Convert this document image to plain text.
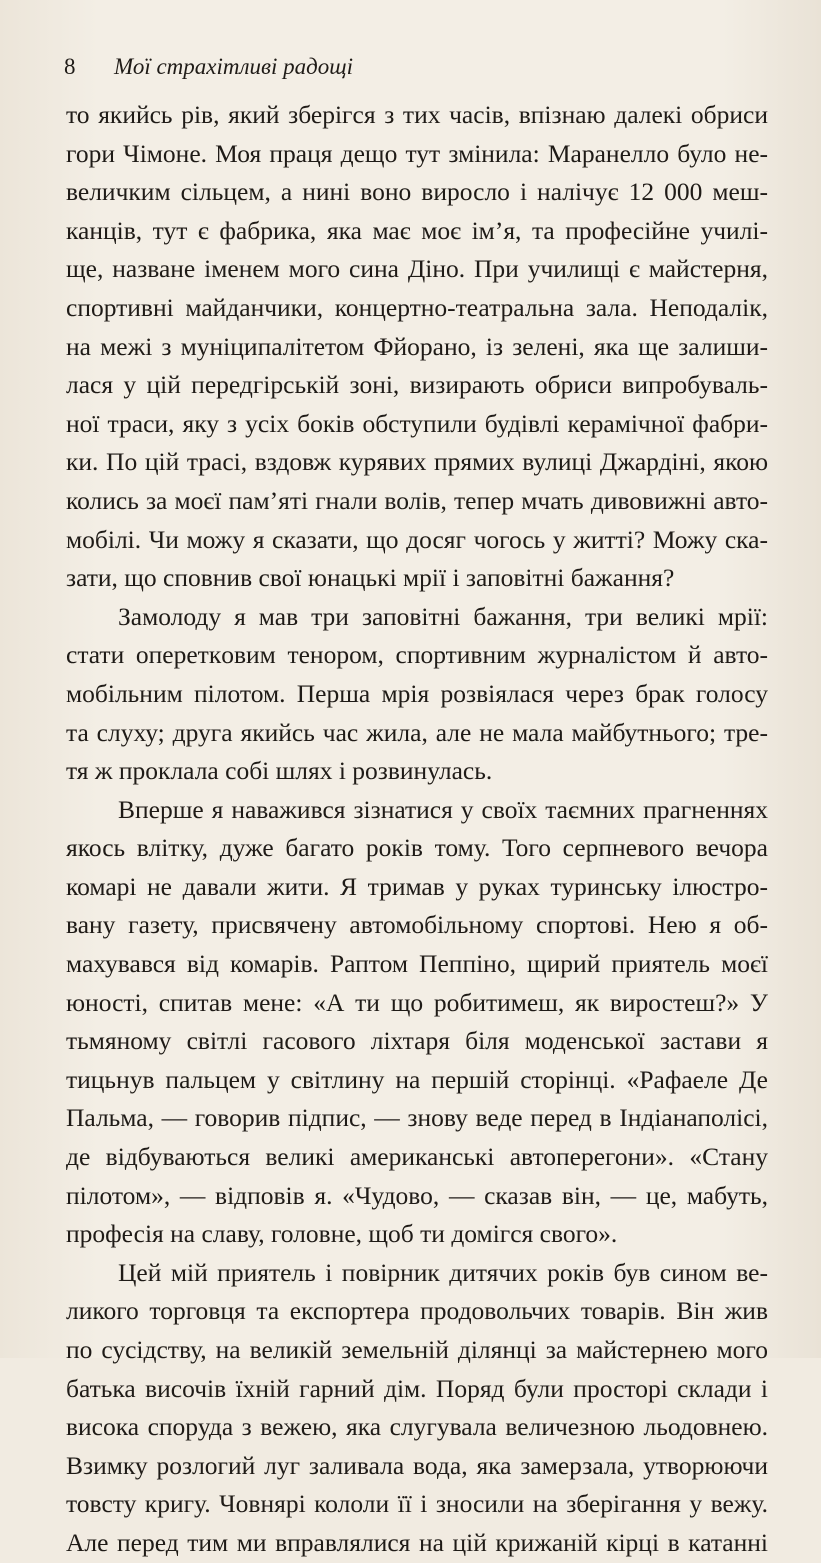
8 Мої страхітливі радощі
то якийсь рів, який зберігся з тих часів, впізнаю далекі обриси
гори Чімоне. Моя праця дещо тут змінила: Маранелло було не-
величким сільцем, а нині воно виросло і налічує 12 000 меш-
канців, тут є фабрика, яка має моє ім’я, та професійне училі-
ще, назване іменем мого сина Діно. При училищі є майстерня,
спортивні майданчики, концертно-театральна зала. Неподалік,
на межі з муніципалітетом Фйорано, із зелені, яка ще залиши-
лася у цій передгірській зоні, визирають обриси випробуваль-
ної траси, яку з усіх боків обступили будівлі керамічної фабри-
ки. По цій трасі, вздовж курявих прямих вулиці Джардіні, якою
колись за моєї пам’яті гнали волів, тепер мчать дивовижні авто-
мобілі. Чи можу я сказати, що досяг чогось у житті? Можу ска-
зати, що сповнив свої юнацькі мрії і заповітні бажання?
Замолоду я мав три заповітні бажання, три великі мрії:
стати опереткoвим тенором, спортивним журналістом й авто-
мобільним пілотом. Перша мрія розвіялася через брак голосу
та слуху; друга якийсь час жила, але не мала майбутнього; тре-
тя ж проклала собі шлях і розвинулась.
Вперше я наважився зізнатися у своїх таємних прагненнях
якось влітку, дуже багато років тому. Того серпневого вечора
комарі не давали жити. Я тримав у руках туринську ілюстро-
вану газету, присвячену автомобільному спортові. Нею я об-
махувався від комарів. Раптом Пеппіно, щирий приятель моєї
юності, спитав мене: «А ти що робитимеш, як виростеш?» У
тьмяному світлі гасового ліхтаря біля моденської застави я
тицьнув пальцем у світлину на першій сторінці. «Рафаеле Де
Пальма, — говорив підпис, — знову веде перед в Індіанаполісі,
де відбуваються великі американські автоперегони». «Стану
пілотом», — відповів я. «Чудово, — сказав він, — це, мабуть,
професія на славу, головне, щоб ти домігся свого».
Цей мій приятель і повірник дитячих років був сином ве-
ликого торговця та експортера продовольчих товарів. Він жив
по сусідству, на великій земельній ділянці за майстернею мого
батька височів їхній гарний дім. Поряд були просторі склади і
висока споруда з вежею, яка слугувала величезною льодовнею.
Взимку розлогий луг заливала вода, яка замерзала, утворюючи
товсту кригу. Човнярі кололи її і зносили на зберігання у вежу.
Але перед тим ми вправлялися на цій крижаній кірці в катанні
